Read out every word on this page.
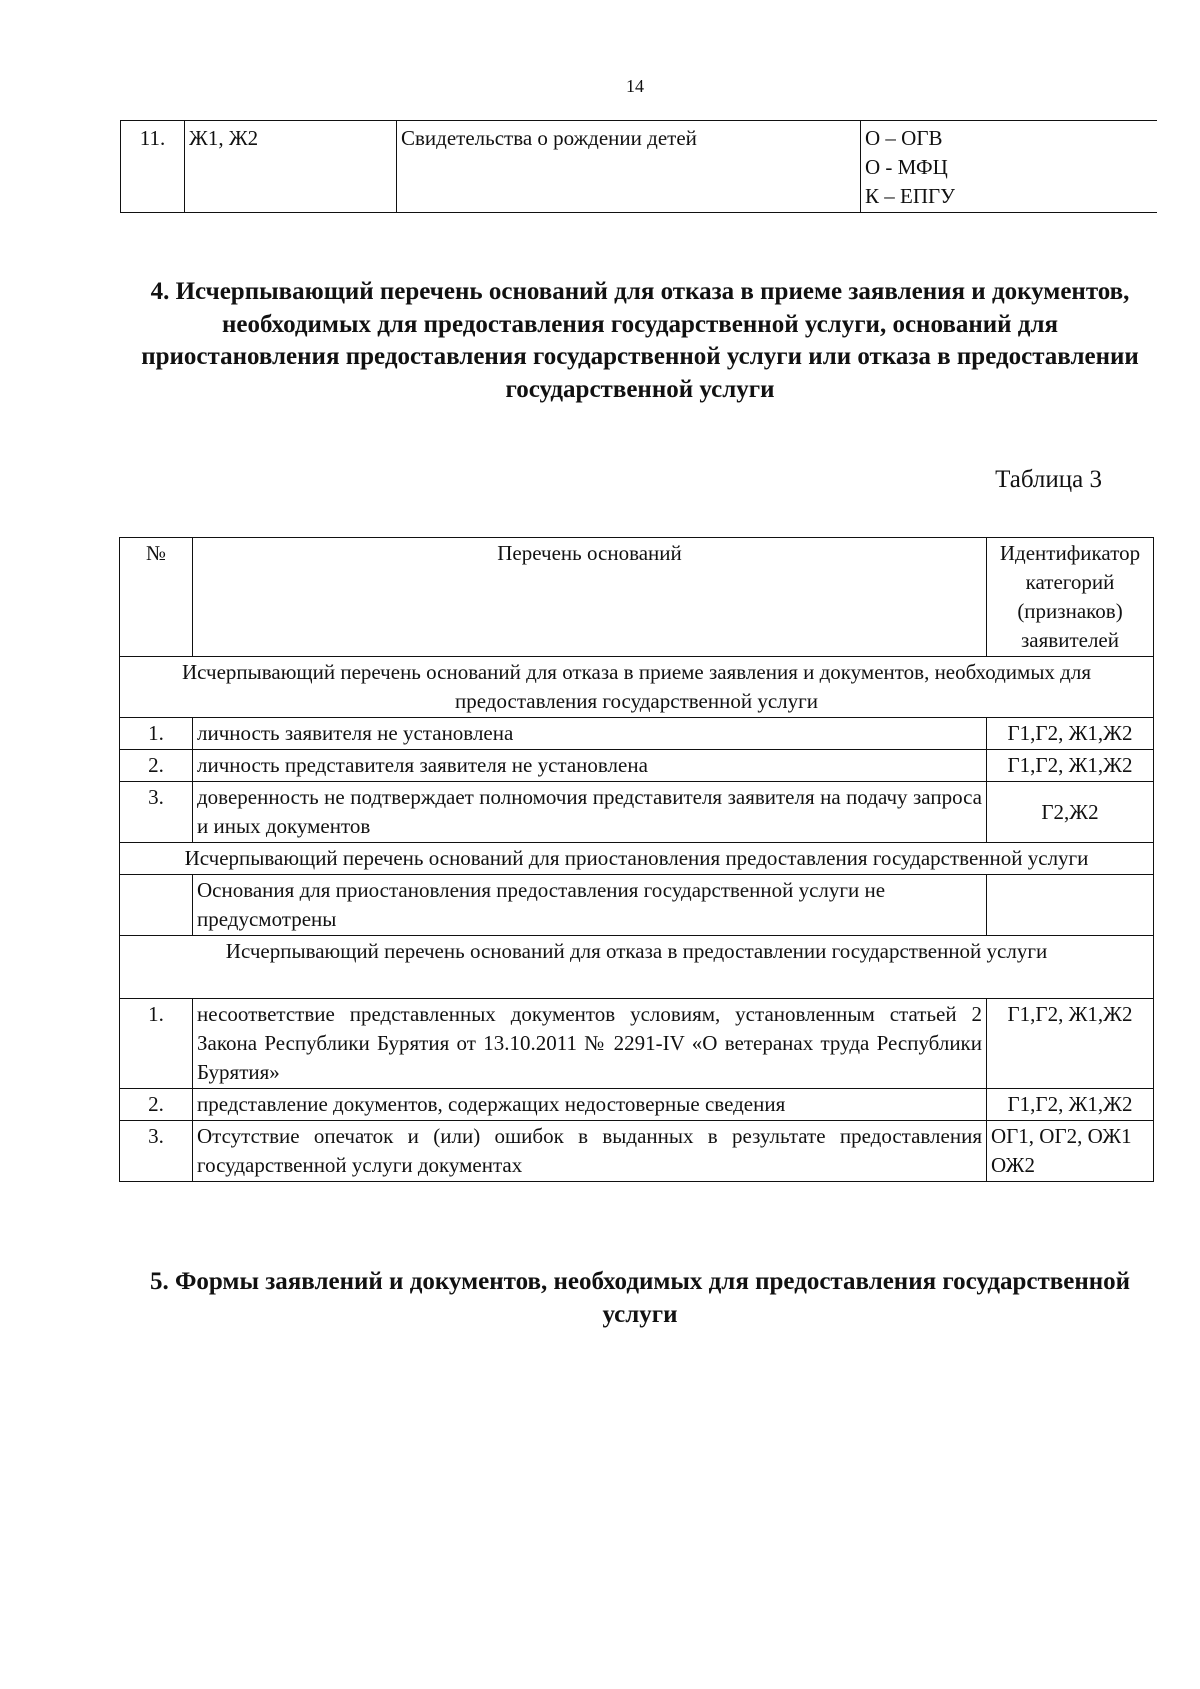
14
11.	Ж1, Ж2	Свидетельства о рождении детей	О – ОГВ
О - МФЦ
К – ЕПГУ
4. Исчерпывающий перечень оснований для отказа в приеме заявления и документов, необходимых для предоставления государственной услуги, оснований для приостановления предоставления государственной услуги или отказа в предоставлении государственной услуги
Таблица 3
№	Перечень оснований	Идентификатор категорий (признаков) заявителей
Исчерпывающий перечень оснований для отказа в приеме заявления и документов, необходимых для предоставления государственной услуги		
1.	личность заявителя не установлена	Г1,Г2, Ж1,Ж2
2.	личность представителя заявителя не установлена	Г1,Г2, Ж1,Ж2
3.	доверенность не подтверждает полномочия представителя заявителя на подачу запроса и иных документов	Г2,Ж2
Исчерпывающий перечень оснований для приостановления предоставления государственной услуги		
	Основания для приостановления предоставления государственной услуги не предусмотрены	
Исчерпывающий перечень оснований для отказа в предоставлении государственной услуги		
1.	несоответствие представленных документов условиям, установленным статьей 2 Закона Республики Бурятия от 13.10.2011 № 2291-IV «О ветеранах труда Республики Бурятия»	Г1,Г2, Ж1,Ж2
2.	представление документов, содержащих недостоверные сведения	Г1,Г2, Ж1,Ж2
3.	Отсутствие опечаток и (или) ошибок в выданных в результате предоставления государственной услуги документах	ОГ1, ОГ2, ОЖ1 ОЖ2
5. Формы заявлений и документов, необходимых для предоставления государственной услуги
